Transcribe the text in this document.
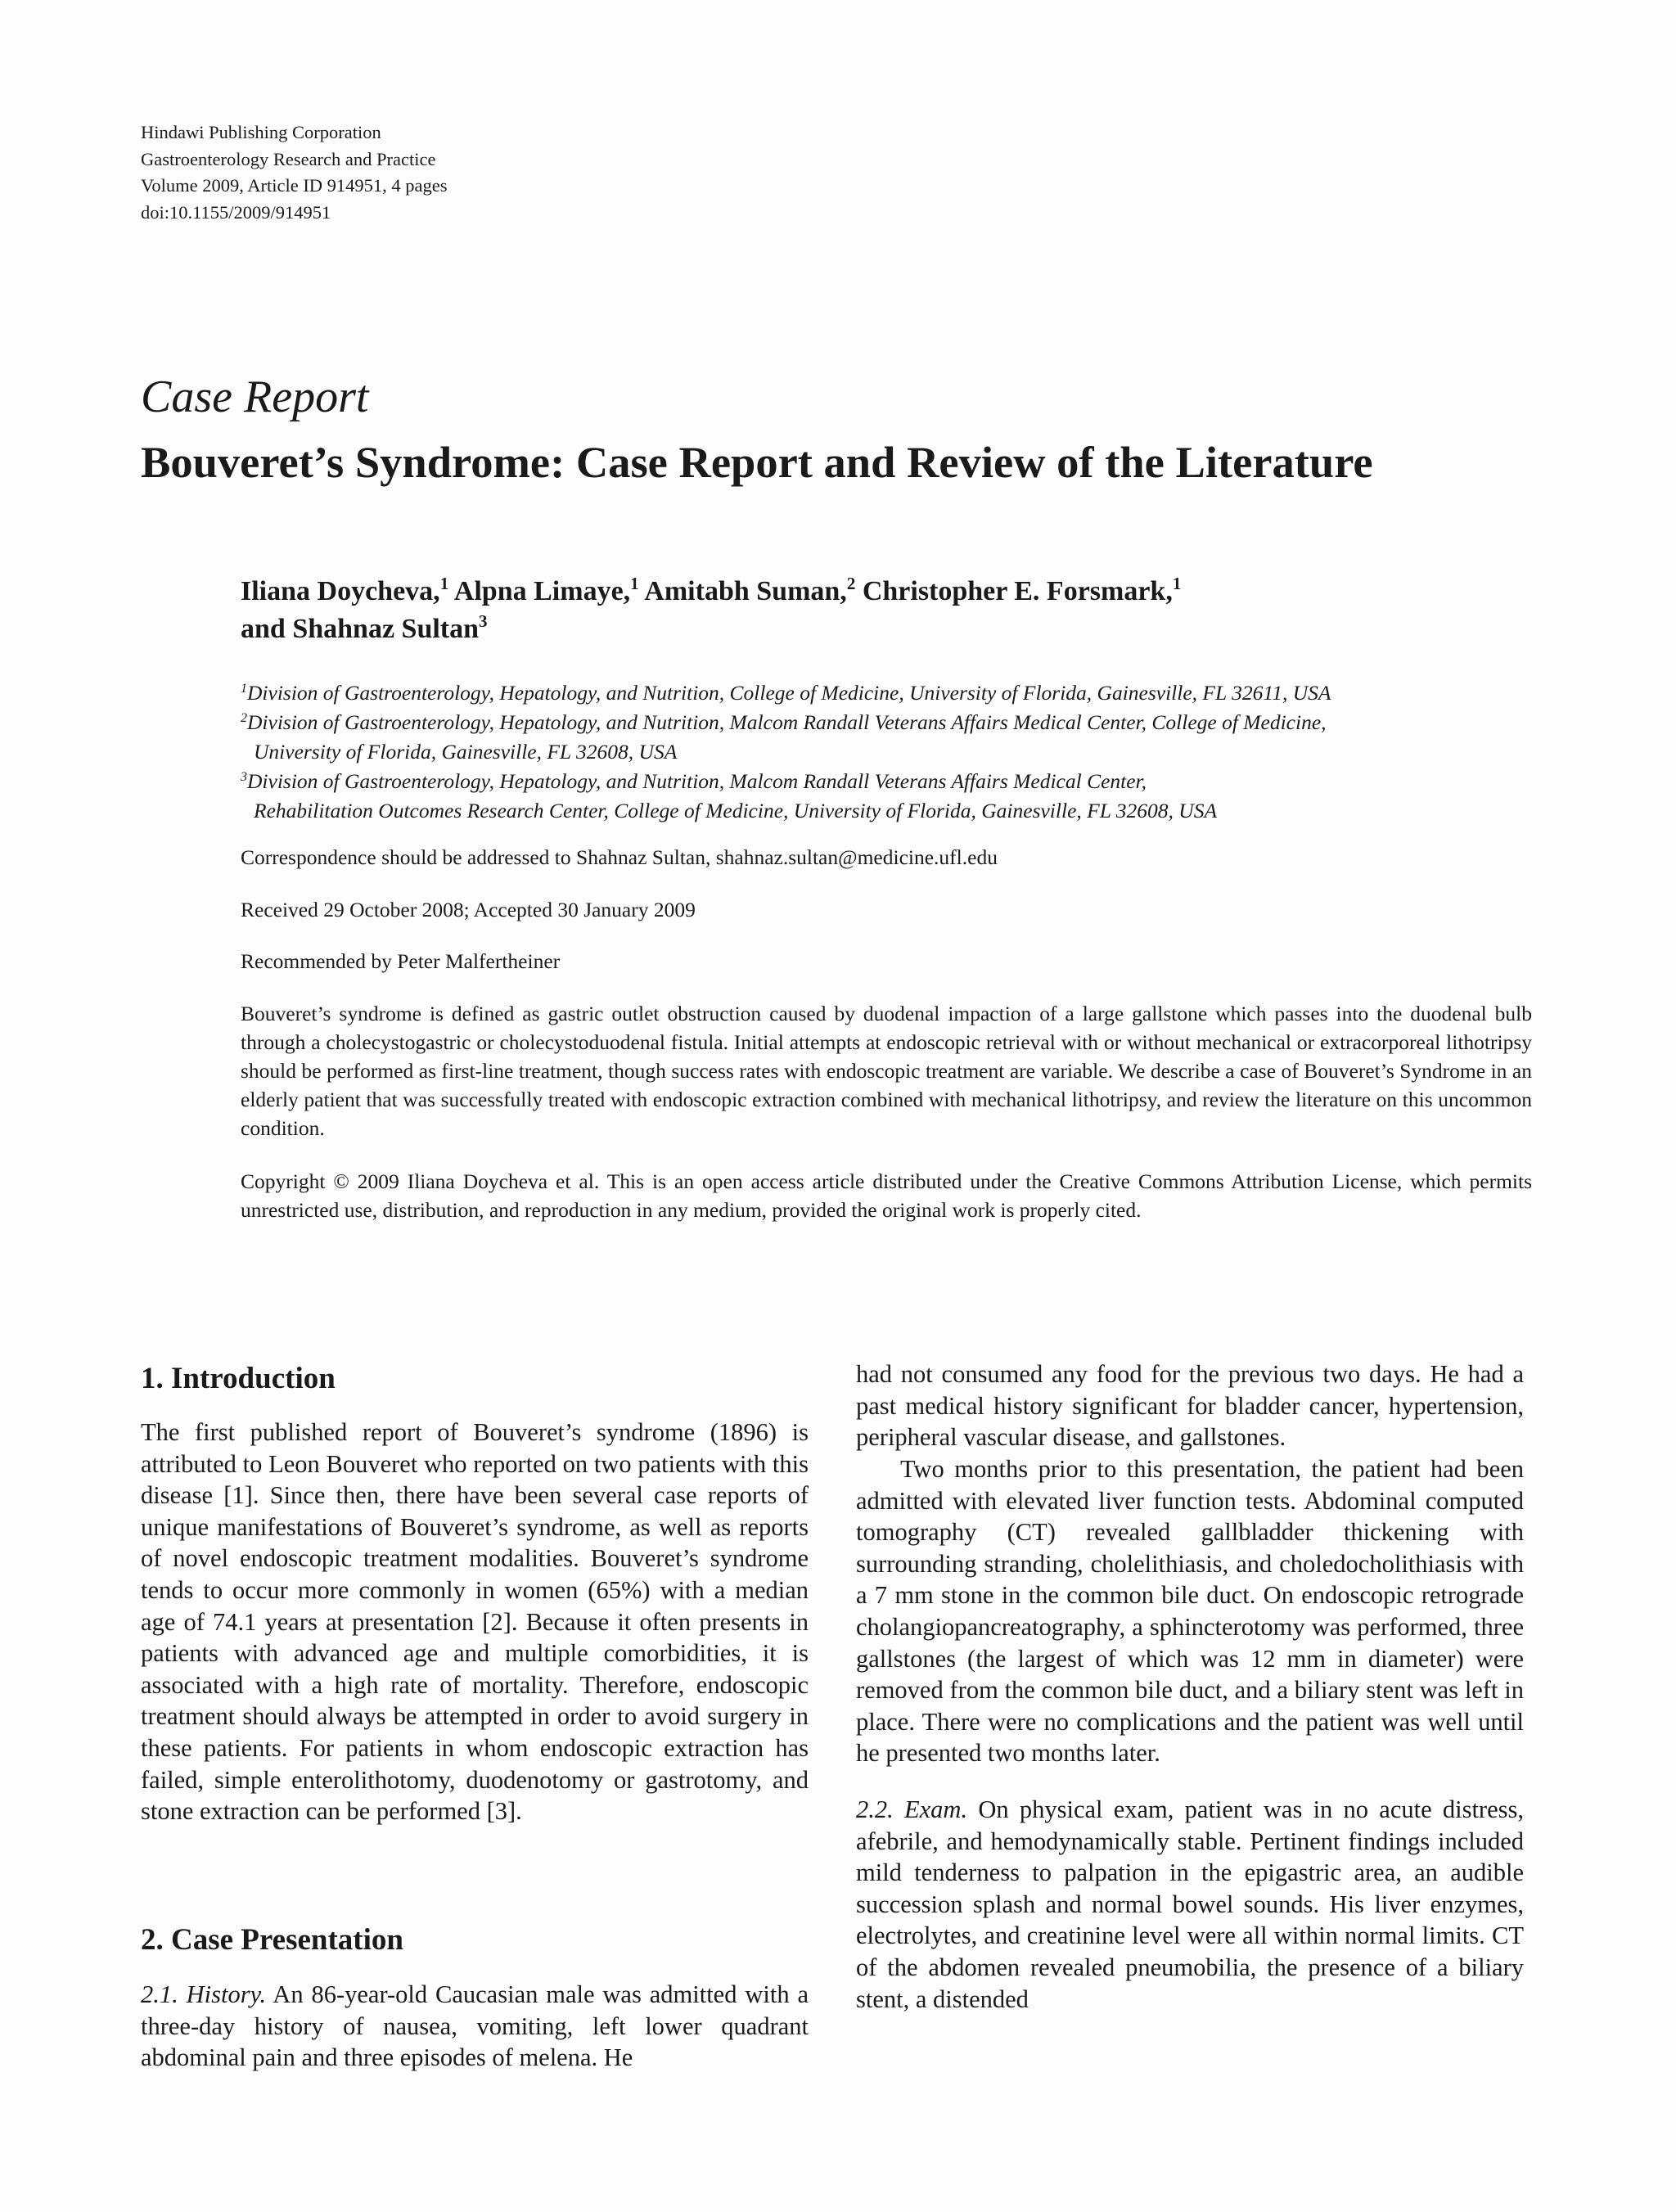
Hindawi Publishing Corporation
Gastroenterology Research and Practice
Volume 2009, Article ID 914951, 4 pages
doi:10.1155/2009/914951
Case Report
Bouveret’s Syndrome: Case Report and Review of the Literature
Iliana Doycheva,$^1$ Alpna Limaye,$^1$ Amitabh Suman,$^2$ Christopher E. Forsmark,$^1$
and Shahnaz Sultan$^3$
$^1$Division of Gastroenterology, Hepatology, and Nutrition, College of Medicine, University of Florida, Gainesville, FL 32611, USA
$^2$Division of Gastroenterology, Hepatology, and Nutrition, Malcom Randall Veterans Affairs Medical Center, College of Medicine,
University of Florida, Gainesville, FL 32608, USA
$^3$Division of Gastroenterology, Hepatology, and Nutrition, Malcom Randall Veterans Affairs Medical Center,
Rehabilitation Outcomes Research Center, College of Medicine, University of Florida, Gainesville, FL 32608, USA
Correspondence should be addressed to Shahnaz Sultan, shahnaz.sultan@medicine.ufl.edu
Received 29 October 2008; Accepted 30 January 2009
Recommended by Peter Malfertheiner
Bouveret’s syndrome is defined as gastric outlet obstruction caused by duodenal impaction of a large gallstone which passes into the duodenal bulb through a cholecystogastric or cholecystoduodenal fistula. Initial attempts at endoscopic retrieval with or without mechanical or extracorporeal lithotripsy should be performed as first-line treatment, though success rates with endoscopic treatment are variable. We describe a case of Bouveret’s Syndrome in an elderly patient that was successfully treated with endoscopic extraction combined with mechanical lithotripsy, and review the literature on this uncommon condition.
Copyright © 2009 Iliana Doycheva et al. This is an open access article distributed under the Creative Commons Attribution License, which permits unrestricted use, distribution, and reproduction in any medium, provided the original work is properly cited.
1. Introduction

The first published report of Bouveret’s syndrome (1896) is attributed to Leon Bouveret who reported on two patients with this disease [1]. Since then, there have been several case reports of unique manifestations of Bouveret’s syndrome, as well as reports of novel endoscopic treatment modalities. Bouveret’s syndrome tends to occur more commonly in women (65%) with a median age of 74.1 years at presentation [2]. Because it often presents in patients with advanced age and multiple comorbidities, it is associated with a high rate of mortality. Therefore, endoscopic treatment should always be attempted in order to avoid surgery in these patients. For patients in whom endoscopic extraction has failed, simple enterolithotomy, duodenotomy or gastrotomy, and stone extraction can be performed [3].

2. Case Presentation

2.1. History. An 86-year-old Caucasian male was admitted with a three-day history of nausea, vomiting, left lower quadrant abdominal pain and three episodes of melena. He

had not consumed any food for the previous two days. He had a past medical history significant for bladder cancer, hypertension, peripheral vascular disease, and gallstones.

Two months prior to this presentation, the patient had been admitted with elevated liver function tests. Abdominal computed tomography (CT) revealed gallbladder thickening with surrounding stranding, cholelithiasis, and choledocholithiasis with a 7 mm stone in the common bile duct. On endoscopic retrograde cholangiopancreatography, a sphincterotomy was performed, three gallstones (the largest of which was 12 mm in diameter) were removed from the common bile duct, and a biliary stent was left in place. There were no complications and the patient was well until he presented two months later.

2.2. Exam. On physical exam, patient was in no acute distress, afebrile, and hemodynamically stable. Pertinent findings included mild tenderness to palpation in the epigastric area, an audible succession splash and normal bowel sounds. His liver enzymes, electrolytes, and creatinine level were all within normal limits. CT of the abdomen revealed pneumobilia, the presence of a biliary stent, a distended
